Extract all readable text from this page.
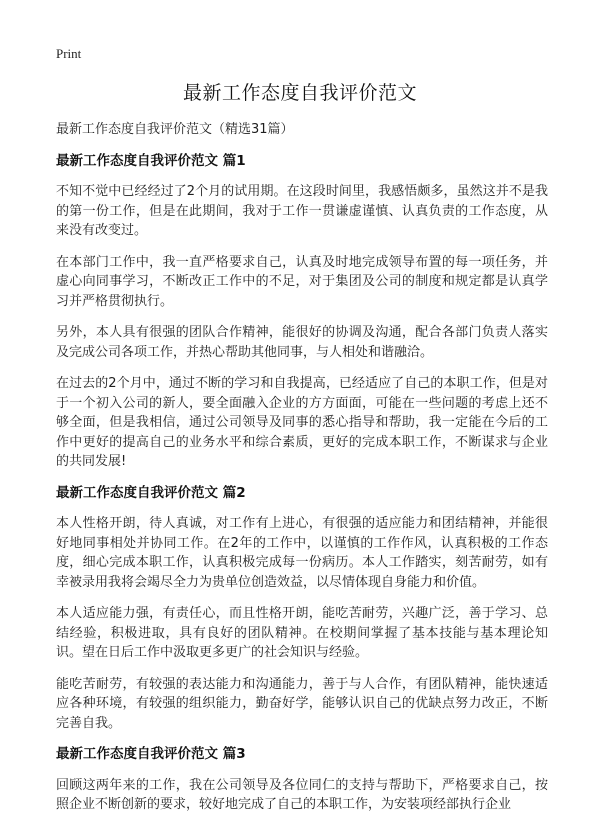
Print
最新工作态度自我评价范文

最新工作态度自我评价范文（精选31篇）

最新工作态度自我评价范文 篇1

不知不觉中已经经过了2个月的试用期。在这段时间里，我感悟颇多，虽然这并不是我的第一份工作，但是在此期间，我对于工作一贯谦虚谨慎、认真负责的工作态度，从来没有改变过。

在本部门工作中，我一直严格要求自己，认真及时地完成领导布置的每一项任务，并虚心向同事学习，不断改正工作中的不足，对于集团及公司的制度和规定都是认真学习并严格贯彻执行。

另外，本人具有很强的团队合作精神，能很好的协调及沟通，配合各部门负责人落实及完成公司各项工作，并热心帮助其他同事，与人相处和谐融洽。

在过去的2个月中，通过不断的学习和自我提高，已经适应了自己的本职工作，但是对于一个初入公司的新人，要全面融入企业的方方面面，可能在一些问题的考虑上还不够全面，但是我相信，通过公司领导及同事的悉心指导和帮助，我一定能在今后的工作中更好的提高自己的业务水平和综合素质，更好的完成本职工作，不断谋求与企业的共同发展!

最新工作态度自我评价范文 篇2

本人性格开朗，待人真诚，对工作有上进心，有很强的适应能力和团结精神，并能很好地同事相处并协同工作。在2年的工作中，以谨慎的工作作风，认真积极的工作态度，细心完成本职工作，认真积极完成每一份病历。本人工作踏实，刻苦耐劳，如有幸被录用我将会竭尽全力为贵单位创造效益，以尽情体现自身能力和价值。

本人适应能力强，有责任心，而且性格开朗，能吃苦耐劳，兴趣广泛，善于学习、总结经验，积极进取，具有良好的团队精神。在校期间掌握了基本技能与基本理论知识。望在日后工作中汲取更多更广的社会知识与经验。

能吃苦耐劳，有较强的表达能力和沟通能力，善于与人合作，有团队精神，能快速适应各种环境，有较强的组织能力，勤奋好学，能够认识自己的优缺点努力改正，不断完善自我。

最新工作态度自我评价范文 篇3

回顾这两年来的工作，我在公司领导及各位同仁的支持与帮助下，严格要求自己，按照企业不断创新的要求，较好地完成了自己的本职工作，为安装项经部执行企业
